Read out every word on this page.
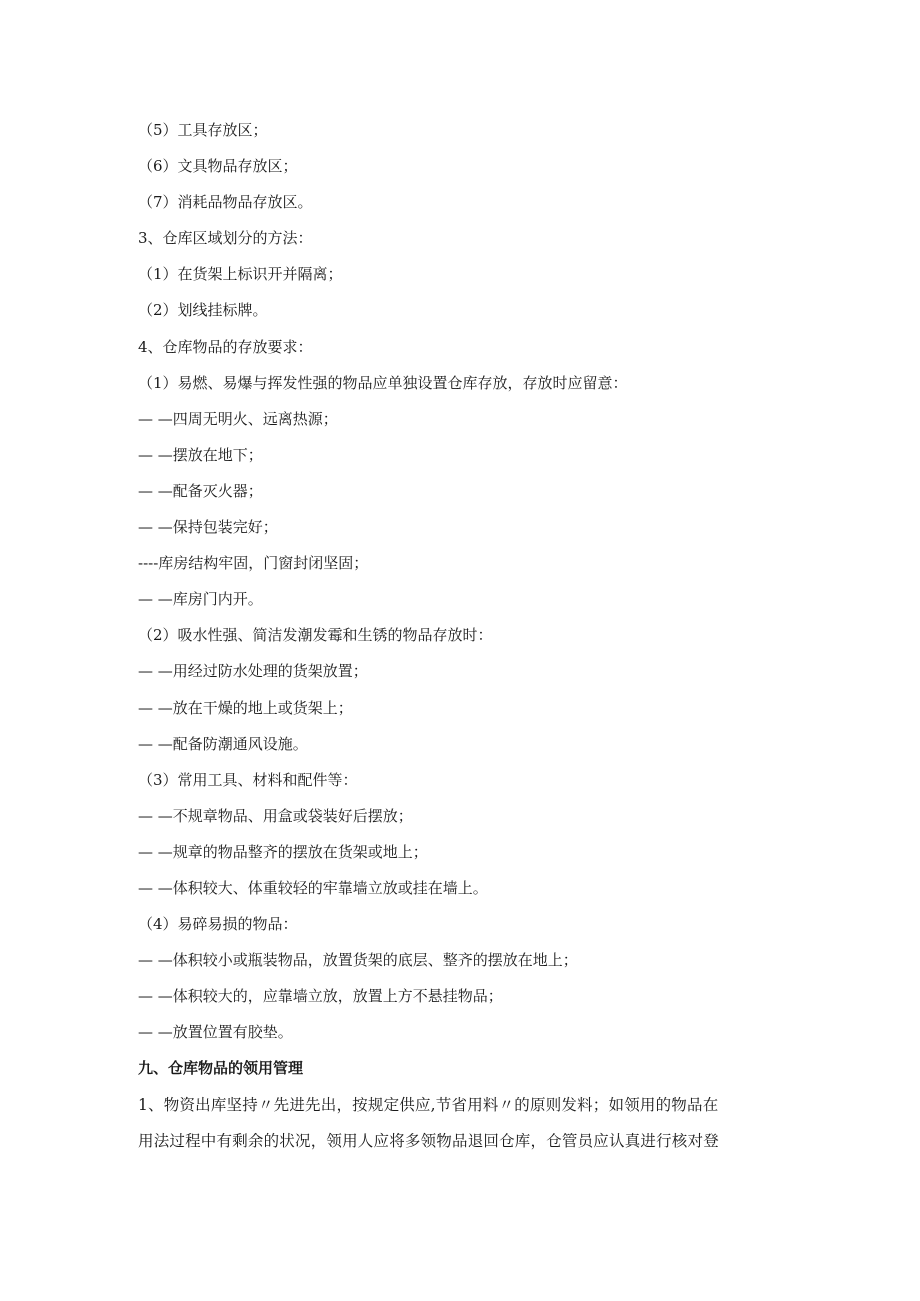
（5）工具存放区；
（6）文具物品存放区；
（7）消耗品物品存放区。
3、仓库区域划分的方法：
（1）在货架上标识开并隔离；
（2）划线挂标牌。
4、仓库物品的存放要求：
（1）易燃、易爆与挥发性强的物品应单独设置仓库存放，存放时应留意：
— —四周无明火、远离热源；
— —摆放在地下；
— —配备灭火器；
— —保持包装完好；
----库房结构牢固，门窗封闭坚固；
— —库房门内开。
（2）吸水性强、简洁发潮发霉和生锈的物品存放时：
— —用经过防水处理的货架放置；
— —放在干燥的地上或货架上；
— —配备防潮通风设施。
（3）常用工具、材料和配件等：
— —不规章物品、用盒或袋装好后摆放；
— —规章的物品整齐的摆放在货架或地上；
— —体积较大、体重较轻的牢靠墙立放或挂在墙上。
（4）易碎易损的物品：
— —体积较小或瓶装物品，放置货架的底层、整齐的摆放在地上；
— —体积较大的，应靠墙立放，放置上方不悬挂物品；
— —放置位置有胶垫。
九、仓库物品的领用管理
1、物资出库坚持〃先进先出，按规定供应,节省用料〃的原则发料；如领用的物品在
用法过程中有剩余的状况，领用人应将多领物品退回仓库，仓管员应认真进行核对登
